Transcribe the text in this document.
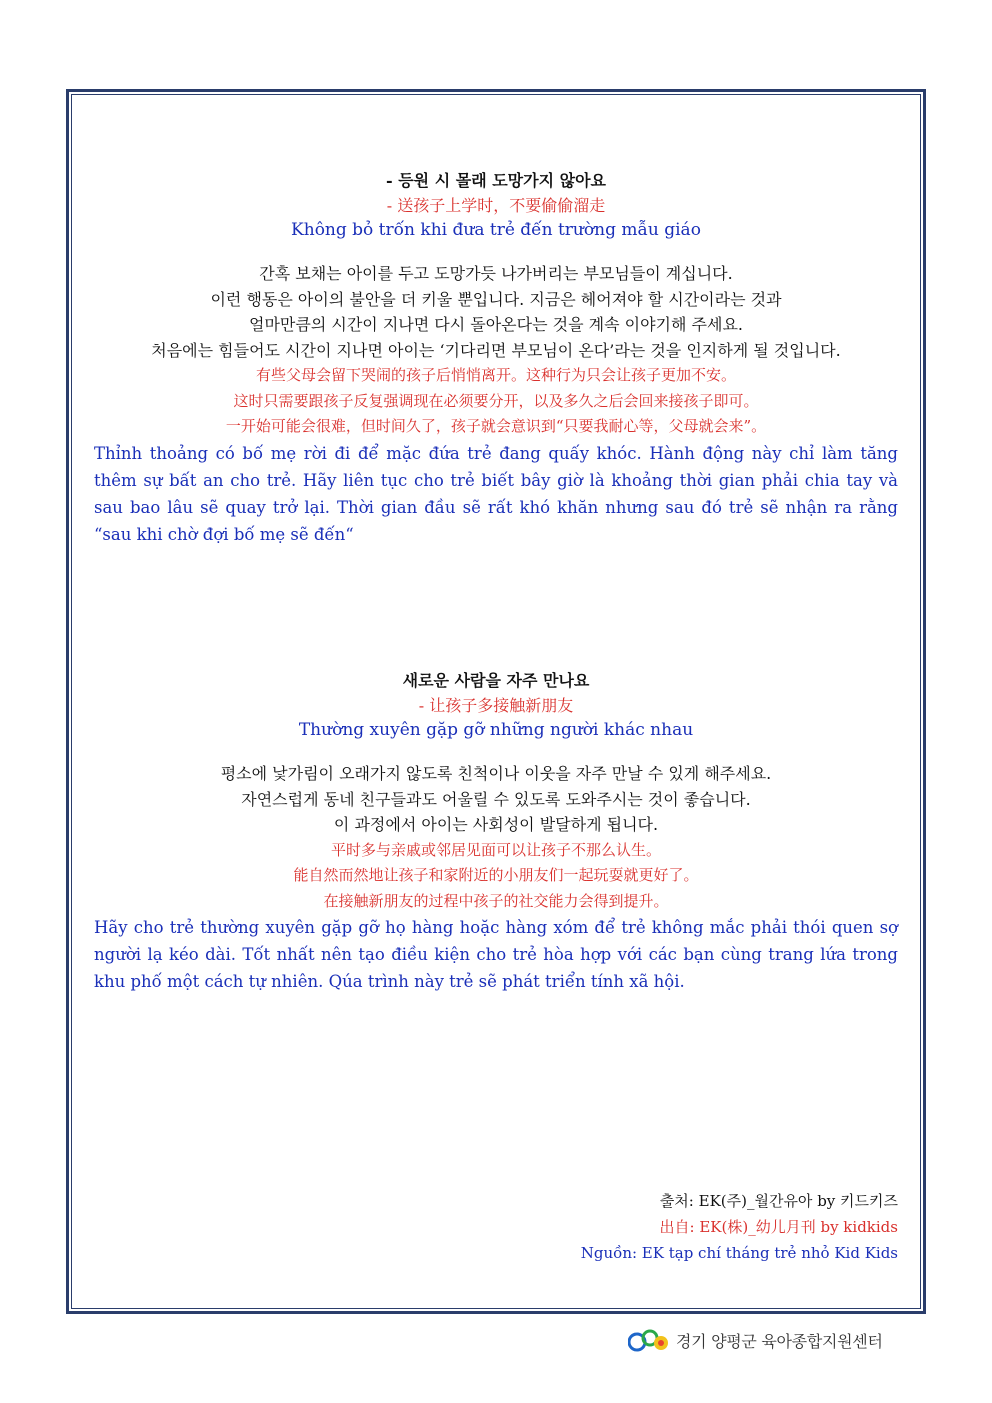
- 등원 시 몰래 도망가지 않아요
- 送孩子上学时，不要偷偷溜走
Không bỏ trốn khi đưa trẻ đến trường mẫu giáo
간혹 보채는 아이를 두고 도망가듯 나가버리는 부모님들이 계십니다.
이런 행동은 아이의 불안을 더 키울 뿐입니다. 지금은 헤어져야 할 시간이라는 것과
얼마만큼의 시간이 지나면 다시 돌아온다는 것을 계속 이야기해 주세요.
처음에는 힘들어도 시간이 지나면 아이는 ‘기다리면 부모님이 온다’라는 것을 인지하게 될 것입니다.
有些父母会留下哭闹的孩子后悄悄离开。这种行为只会让孩子更加不安。
这时只需要跟孩子反复强调现在必须要分开，以及多久之后会回来接孩子即可。
一开始可能会很难，但时间久了，孩子就会意识到“只要我耐心等，父母就会来”。
Thỉnh thoảng có bố mẹ rời đi để mặc đứa trẻ đang quấy khóc. Hành động này chỉ làm tăng thêm sự bất an cho trẻ. Hãy liên tục cho trẻ biết bây giờ là khoảng thời gian phải chia tay và sau bao lâu sẽ quay trở lại. Thời gian đầu sẽ rất khó khăn nhưng sau đó trẻ sẽ nhận ra rằng “sau khi chờ đợi bố mẹ sẽ đến“
새로운 사람을 자주 만나요
- 让孩子多接触新朋友
Thường xuyên gặp gỡ những người khác nhau
평소에 낯가림이 오래가지 않도록 친척이나 이웃을 자주 만날 수 있게 해주세요.
자연스럽게 동네 친구들과도 어울릴 수 있도록 도와주시는 것이 좋습니다.
이 과정에서 아이는 사회성이 발달하게 됩니다.
平时多与亲戚或邻居见面可以让孩子不那么认生。
能自然而然地让孩子和家附近的小朋友们一起玩耍就更好了。
在接触新朋友的过程中孩子的社交能力会得到提升。
Hãy cho trẻ thường xuyên gặp gỡ họ hàng hoặc hàng xóm để trẻ không mắc phải thói quen sợ người lạ kéo dài. Tốt nhất nên tạo điều kiện cho trẻ hòa hợp với các bạn cùng trang lứa trong khu phố một cách tự nhiên. Qúa trình này trẻ sẽ phát triển tính xã hội.
출처: EK(주)_월간유아 by 키드키즈
出自: EK(株)_幼儿月刊 by kidkids
Nguồn: EK tạp chí tháng trẻ nhỏ Kid Kids
경기 양평군 육아종합지원센터
